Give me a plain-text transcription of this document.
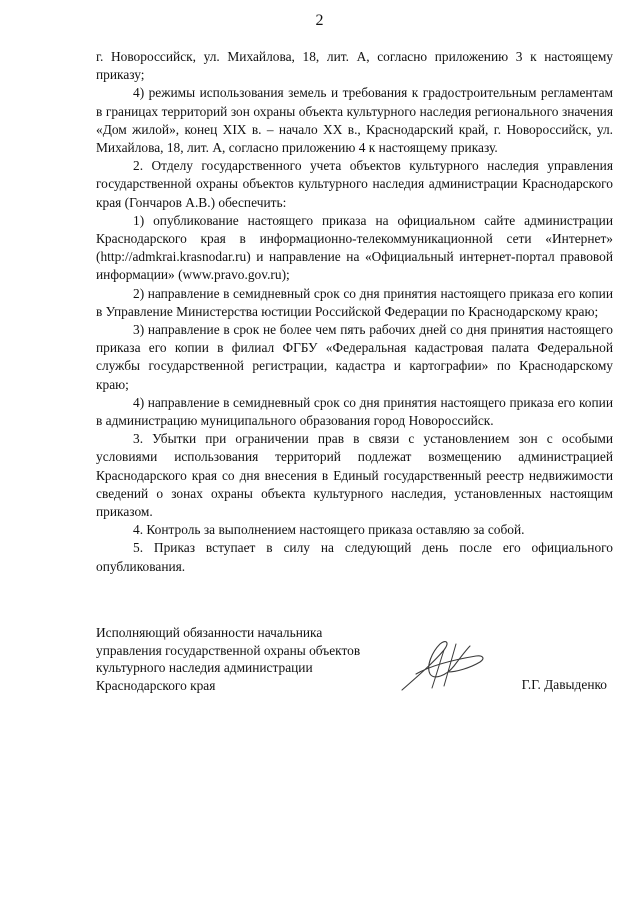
2

г. Новороссийск, ул. Михайлова, 18, лит. А, согласно приложению 3 к настоящему приказу;

4) режимы использования земель и требования к градостроительным регламентам в границах территорий зон охраны объекта культурного наследия регионального значения «Дом жилой», конец XIX в. – начало XX в., Краснодарский край, г. Новороссийск, ул. Михайлова, 18, лит. А, согласно приложению 4 к настоящему приказу.

2. Отделу государственного учета объектов культурного наследия управления государственной охраны объектов культурного наследия администрации Краснодарского края (Гончаров А.В.) обеспечить:

1) опубликование настоящего приказа на официальном сайте администрации Краснодарского края в информационно-телекоммуникационной сети «Интернет» (http://admkrai.krasnodar.ru) и направление на «Официальный интернет-портал правовой информации» (www.pravo.gov.ru);

2) направление в семидневный срок со дня принятия настоящего приказа его копии в Управление Министерства юстиции Российской Федерации по Краснодарскому краю;

3) направление в срок не более чем пять рабочих дней со дня принятия настоящего приказа его копии в филиал ФГБУ «Федеральная кадастровая палата Федеральной службы государственной регистрации, кадастра и картографии» по Краснодарскому краю;

4) направление в семидневный срок со дня принятия настоящего приказа его копии в администрацию муниципального образования город Новороссийск.

3. Убытки при ограничении прав в связи с установлением зон с особыми условиями использования территорий подлежат возмещению администрацией Краснодарского края со дня внесения в Единый государственный реестр недвижимости сведений о зонах охраны объекта культурного наследия, установленных настоящим приказом.

4. Контроль за выполнением настоящего приказа оставляю за собой.

5. Приказ вступает в силу на следующий день после его официального опубликования.

Исполняющий обязанности начальника
управления государственной охраны объектов
культурного наследия администрации
Краснодарского края	Г.Г. Давыденко
